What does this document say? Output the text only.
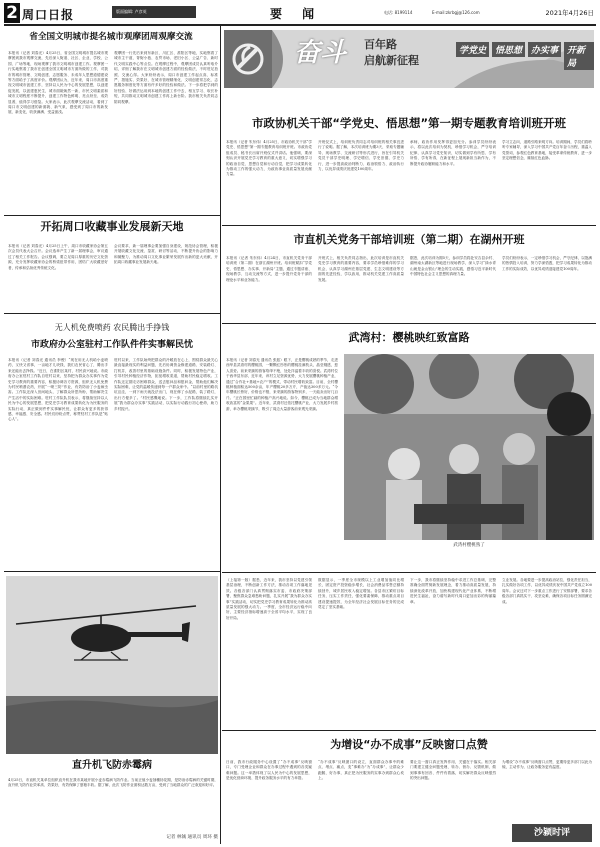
2 周口日报	版面编辑: 卢彦英	要 闻	电话: 8199114	E-mail:zkrbgj@126.com	2021年4月26日
省全国文明城市提名城市观摩团周观摩交流
本报讯（记者 刘春光）4月25日，省全国文明城市提名城市观摩团到我市观摩交流，先后深入街道、社区、企业、学校、公园、广场等地，现场观摩了我市文明城市创建工作。观摩团一行实地察看了我市在创建全国文明城市方面所做的工作，对我市的城市管理、文明创建、志愿服务、未成年人思想道德建设等方面给予了高度评价。观摩团认为，近年来，周口市高度重视文明城市创建工作，坚持以人民为中心的发展思想，以创建促发展，以创建惠民生，城市面貌焕然一新，市民文明素质和城市文明程度不断提升，创建工作特色鲜明、亮点纷呈、成效显著，值得学习借鉴。大家表示，此次观摩交流活动，看到了周口市文明创建的新面貌、新气象，感受到了周口市的新发展、新变化，收获满满、受益匪浅。
观摩团一行先后来到东新区、川汇区、淮阳区等地，实地察看了城市主干道、背街小巷、农贸市场、老旧小区、公益广告、新时代文明实践中心等点位。在观摩过程中，观摩团成员认真听取介绍，详细了解我市在文明城市创建方面的经验做法，不时驻足拍照、交流心得。大家纷纷表示，周口市创建工作起点高、标准严、措施实、效果好，在城市管理精细化、文明创建常态化、志愿服务制度化等方面有许多好的经验和做法。下一步将把学到的好经验、好做法运用到本地的创建工作中去，相互学习、取长补短，共同推动文明城市创建工作再上新台阶。我市相关负责同志陪同观摩。
奋斗 百年路
启航新征程
学党史 悟思想 办实事 开新局
市政协机关干部“学党史、悟思想”第一期专题教育培训班开班
本报讯（记者 朱东伟）4月25日，市政协机关干部“学党史、悟思想”第一期专题教育培训班开班。市政协党组成员、秘书长出席开班仪式并讲话。他强调，要深刻认识开展党史学习教育的重大意义，切实增强学习的政治自觉、思想自觉和行动自觉，把学习成果转化为推动工作的强大动力，为政协事业高质量发展贡献力量。
开班仪式上，培训班负责同志对培训班的相关事宜进行了说明。据了解，本次培训班为期3天，采取专题辅导、现场教学、交流研讨等形式进行，旨在引导机关党员干部学史明理、学史增信、学史崇德、学史力行，进一步提高政治判断力、政治领悟力、政治执行力，以优异成绩庆祝建党100周年。
承师，政协作用发挥得更加充分。参训学员纷纷表示，将以此次培训为契机，珍惜学习机会，严守培训纪律，认真学习党史知识，切实做到学有所思、学有所悟、学有所得，在新征程上展现新担当新作为，不断提升政协履职能力和水平。
学习立志向，道路引路来明方向。培训期间，学员们将聆听专家辅导，深入学习中国共产党百年奋斗历程，重温入党誓词，参观红色教育基地，接受革命传统教育，进一步坚定理想信念，赓续红色血脉。
开拓周口收藏事业发展新天地
本报讯（记者 刘春光）4月25日上午，周口市收藏家协会第五次会员代表大会召开。会议选举产生了新一届理事会，审议通过了相关工作报告。会议强调，要立足周口厚重的历史文化资源，充分发挥收藏家协会的桥梁纽带作用，团结广大收藏爱好者，传承和弘扬优秀传统文化。
会议要求，新一届理事会要加强自身建设，规范协会管理，积极开展收藏文化交流、鉴赏、研讨等活动，不断提升协会的影响力和凝聚力，为推动周口文化事业繁荣发展作出新的更大贡献，开拓周口收藏事业发展新天地。
市直机关党务干部培训班（第二期）在湖州开班
本报讯（记者 朱东伟）4月24日，市直机关党务干部培训班（第二期）在浙江湖州开班。培训班紧扣“学党史、悟思想、办实事、开新局”主题，通过专题讲座、现场教学、互动交流等方式，进一步提升党务干部的理论水平和业务能力。
开班式上，相关负责同志指出，此次培训是市直机关党史学习教育的重要内容，要求学员珍惜难得的学习机会，认真学习湖州在基层党建、生态文明建设等方面的先进经验，学以致用，推动机关党建工作高质量发展。
据悉，此次培训为期5天，参训学员将赴安吉县余村、湖州南太湖新区等地进行现场教学，深入学习“绿水青山就是金山银山”理念的生动实践，感悟习近平新时代中国特色社会主义思想的真理力量。
学员们纷纷表示，一定珍惜学习机会，严守纪律，以饱满的热情投入培训，努力学深悟透，把学习成果转化为推动工作的实际成效，以优异成绩迎接建党100周年。
无人机免费喷药 农民腾出手挣钱
市政府办公室驻村工作队件件实事解民忧
本报讯（记者 刘春光 通讯员 李俊）“现在用无人机给小麦喷药，又快又省事，一亩地才几块钱，我们农民省心了，腾出手来还能出去挣钱。”近日，在淮阳区某村，村民高兴地说。市政府办公室驻村工作队自驻村以来，坚持把为群众办实事作为党史学习教育的重要内容，积极协调各方资源，组织无人机免费为村民喷洒农药，开展“一喷三防”作业，有效防治了小麦病虫害。工作队还深入田间地头，了解群众所思所盼，帮助解决生产生活中的实际困难。驻村工作队队员表示，将继续坚持以人民为中心的发展思想，把党史学习教育成果转化为为民服务的实际行动，真正做到件件实事解民忧，让群众有更多的获得感、幸福感、安全感。村民们纷纷点赞，称赞驻村工作队是“贴心人”。
驻村以来，工作队始终把群众的冷暖放在心上，围绕群众最关心最直接最现实的利益问题，先后协调资金修建道路、安装路灯、打机井，改善村里的基础设施条件。同时，积极发展特色产业，引导村民种植经济作物，拓宽增收渠道，帮助村民稳定增收。工作队还定期走访困难群众，送去慰问品和慰问金，帮助他们解决实际困难，让党的温暖传递到每一户群众家中。“以前村里的路坑坑洼洼，一到下雨天就没法出门，现在修了水泥路，装了路灯，出行方便多了。”村民感慨地说。下一步，工作队将继续扎实开展“我为群众办实事”实践活动，以实际行动践行初心使命，助力乡村振兴。
武湾村：樱桃映红致富路
本报讯（记者 刘春光 通讯员 张振）眼下，正是樱桃成熟的季节，走进西华县武湾村的樱桃园，一颗颗红彤彤的樱桃挂满枝头，晶莹剔透，惹人喜爱。前来采摘的游客络绎不绝，处处洋溢着丰收的喜悦。武湾村位于西华县东部，近年来，该村立足资源优势，大力发展樱桃种植产业，通过“合作社+基地+农户”的模式，带动村民增收致富。目前，全村樱桃种植面积达500余亩，年产樱桃20多万斤，产值达300多万元。“今年樱桃长势好，价格也不错，来采摘的游客特别多，一天能卖出好几百斤。”正在园里忙碌的种植户高兴地说。如今，樱桃已成为当地群众增收致富的“金果果”。近年来，武湾村还依托樱桃产业，大力发展乡村旅游，举办樱桃采摘节，吸引了周边大量游客前来观光采摘。
武湾村樱桃熟了
直升机飞防赤霉病
4月25日，市直机关某单位组织直升机在我市某地开展小麦赤霉病飞防作业。当前正值小麦抽穗扬花期，是防治赤霉病的关键时期，直升机飞防作业效率高、效果好，有效保障了夏粮丰收。据了解，此次飞防作业面积达数万亩，受到了当地群众的广泛欢迎和好评。
记者 林铖 通讯员 周环 摄
（上接第一版）据悉，近年来，我市坚持以党建引领基层治理，不断创新工作方法，推动各项工作落地见效。各级各部门认真贯彻落实市委、市政府决策部署，聚焦群众急难愁盼问题，扎实开展“我为群众办实事”实践活动，切实把党史学习教育成果转化为推动高质量发展的强大动力。一季度，全市经济运行稳中向好，主要经济指标增速高于全省平均水平，实现了良好开局。
数据显示，一季度全市规模以上工业增加值同比增长，固定资产投资稳步增长，社会消费品零售总额持续回升，城乡居民收入稳定增加。各县市区紧盯目标任务，压实工作责任，强化要素保障，推动重点项目建设提速提效，为全年经济社会发展目标任务的完成奠定了坚实基础。
下一步，我市将继续坚持稳中求进工作总基调，完整准确全面贯彻新发展理念，着力推动高质量发展，持续深化改革开放，加快构建现代化产业体系，不断增进民生福祉，奋力谱写新时代周口更加出彩的绚丽篇章。
立业发展。各地要进一步提高政治站位，强化责任担当，扎实做好各项工作，以优异成绩庆祝中国共产党成立100周年。会议还对下一步重点工作进行了安排部署，要求各级各部门真抓实干、攻坚克难，确保各项目标任务圆满完成。
为增设“办不成事”反映窗口点赞
日前，我市行政服务中心设置了“办不成事”反映窗口，专门受理企业和群众在办事过程中遇到的各类疑难问题。这一举措体现了以人民为中心的发展思想，是优化营商环境、提升政务服务水平的有力举措。
“办不成事”反映窗口的设立，直面群众办事中的难点、堵点、痛点，变“事难办”为“办成事”，让群众少跑腿、好办事，真正把为民服务的实事办到群众心坎上。
要让这一窗口真正发挥作用，关键在于落实。相关部门要建立健全问题受理、转办、督办、反馈机制，做到事事有回音、件件有着落，切实解决群众反映强烈的突出问题。
为增设“办不成事”反映窗口点赞，更期待更多部门以此为镜，主动作为，让政务服务更有温度。
沙颍时评
